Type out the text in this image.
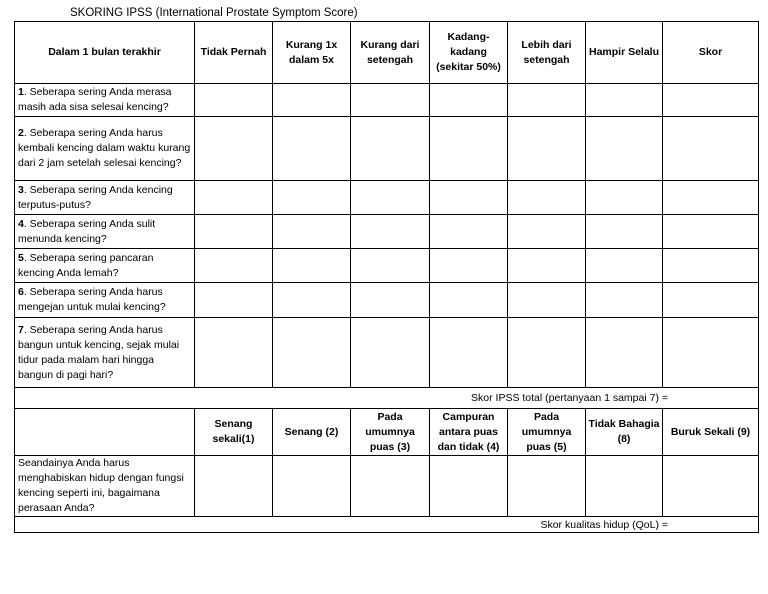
SKORING IPSS (International Prostate Symptom Score)
Dalam 1 bulan terakhir	Tidak Pernah	Kurang 1x dalam 5x	Kurang dari setengah	Kadang-kadang (sekitar 50%)	Lebih dari setengah	Hampir Selalu	Skor
1. Seberapa sering Anda merasa masih ada sisa selesai kencing?							
2. Seberapa sering Anda harus kembali kencing dalam waktu kurang dari 2 jam setelah selesai kencing?							
3. Seberapa sering Anda kencing terputus-putus?							
4. Seberapa sering Anda sulit menunda kencing?							
5. Seberapa sering pancaran kencing Anda lemah?							
6. Seberapa sering Anda harus mengejan untuk mulai kencing?							
7. Seberapa sering Anda harus bangun untuk kencing, sejak mulai tidur pada malam hari hingga bangun di pagi hari?							
Skor IPSS total (pertanyaan 1 sampai 7) =							
	Senang sekali(1)	Senang (2)	Pada umumnya puas (3)	Campuran antara puas dan tidak (4)	Pada umumnya puas (5)	Tidak Bahagia (8)	Buruk Sekali (9)
Seandainya Anda harus menghabiskan hidup dengan fungsi kencing seperti ini, bagaimana perasaan Anda?							
Skor kualitas hidup (QoL) =							
